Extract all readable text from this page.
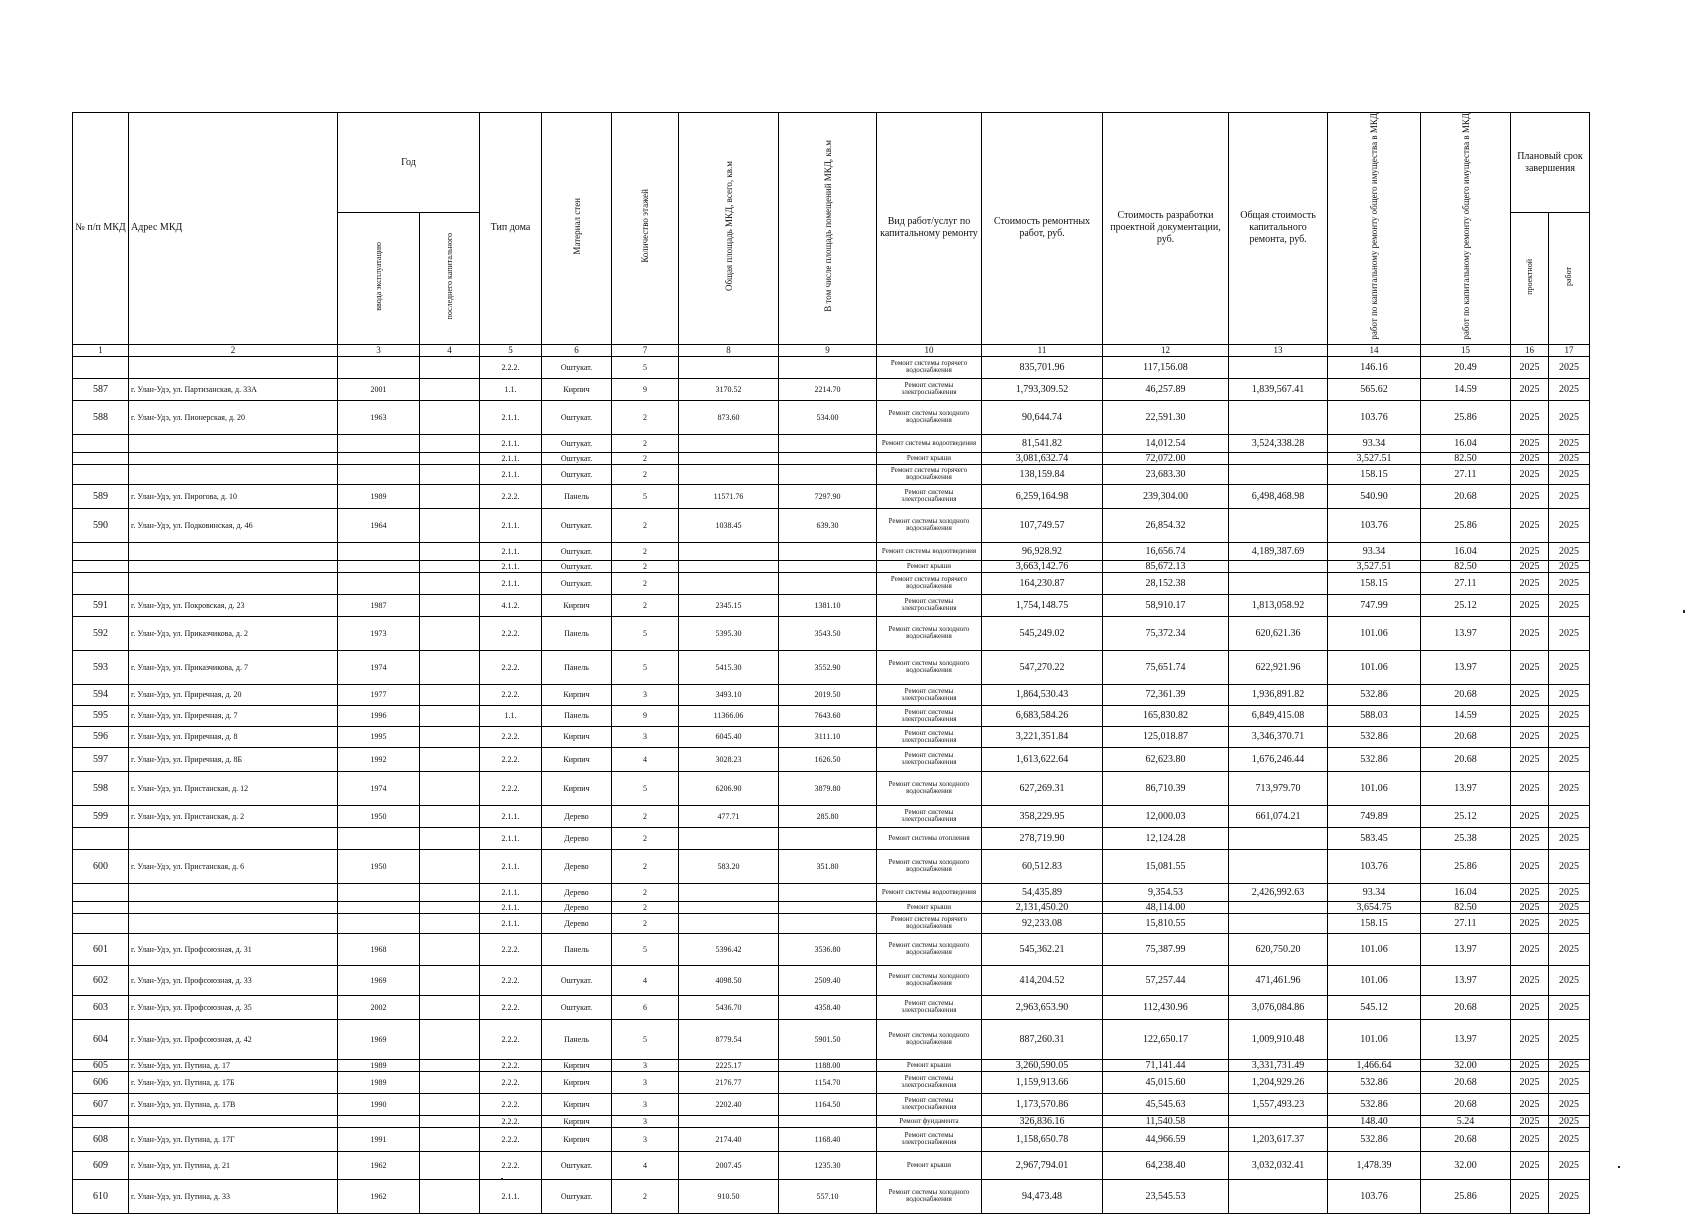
№ п/п МКД	Адрес МКД	Год		Тип дома	Материал стен	Количество этажей	Общая площадь МКД, всего, кв.м	В том числе площадь помещений МКД, кв.м	Вид работ/услуг по капитальному ремонту	Стоимость ремонтных работ, руб.	Стоимость разработки проектной документации, руб.	Общая стоимость капитального ремонта, руб.	работ по капитальному ремонту общего имущества в МКД	работ по капитальному ремонту общего имущества в МКД	Плановый срок завершения	
		ввода эксплуатацию	последнего капитального												проектной	работ
1	2	3	4	5	6	7	8	9	10	11	12	13	14	15	16	17
				2.2.2.	Оштукат.	5			Ремонт системы горячего водоснабжения	835,701.96	117,156.08		146.16	20.49	2025	2025
587	г. Улан-Удэ, ул. Партизанская, д. 33А	2001		1.1.	Кирпич	9	3170.52	2214.70	Ремонт системы электроснабжения	1,793,309.52	46,257.89	1,839,567.41	565.62	14.59	2025	2025
588	г. Улан-Удэ, ул. Пионерская, д. 20	1963		2.1.1.	Оштукат.	2	873.60	534.00	Ремонт системы холодного водоснабжения	90,644.74	22,591.30		103.76	25.86	2025	2025
				2.1.1.	Оштукат.	2			Ремонт системы водоотведения	81,541.82	14,012.54	3,524,338.28	93.34	16.04	2025	2025
				2.1.1.	Оштукат.	2			Ремонт крыши	3,081,632.74	72,072.00		3,527.51	82.50	2025	2025
				2.1.1.	Оштукат.	2			Ремонт системы горячего водоснабжения	138,159.84	23,683.30		158.15	27.11	2025	2025
589	г. Улан-Удэ, ул. Пирогова, д. 10	1989		2.2.2.	Панель	5	11571.76	7297.90	Ремонт системы электроснабжения	6,259,164.98	239,304.00	6,498,468.98	540.90	20.68	2025	2025
590	г. Улан-Удэ, ул. Подковинская, д. 46	1964		2.1.1.	Оштукат.	2	1038.45	639.30	Ремонт системы холодного водоснабжения	107,749.57	26,854.32		103.76	25.86	2025	2025
				2.1.1.	Оштукат.	2			Ремонт системы водоотведения	96,928.92	16,656.74	4,189,387.69	93.34	16.04	2025	2025
				2.1.1.	Оштукат.	2			Ремонт крыши	3,663,142.76	85,672.13		3,527.51	82.50	2025	2025
				2.1.1.	Оштукат.	2			Ремонт системы горячего водоснабжения	164,230.87	28,152.38		158.15	27.11	2025	2025
591	г. Улан-Удэ, ул. Покровская, д. 23	1987		4.1.2.	Кирпич	2	2345.15	1381.10	Ремонт системы электроснабжения	1,754,148.75	58,910.17	1,813,058.92	747.99	25.12	2025	2025
592	г. Улан-Удэ, ул. Приказчикова, д. 2	1973		2.2.2.	Панель	5	5395.30	3543.50	Ремонт системы холодного водоснабжения	545,249.02	75,372.34	620,621.36	101.06	13.97	2025	2025
593	г. Улан-Удэ, ул. Приказчикова, д. 7	1974		2.2.2.	Панель	5	5415.30	3552.90	Ремонт системы холодного водоснабжения	547,270.22	75,651.74	622,921.96	101.06	13.97	2025	2025
594	г. Улан-Удэ, ул. Приречная, д. 20	1977		2.2.2.	Кирпич	3	3493.10	2019.50	Ремонт системы электроснабжения	1,864,530.43	72,361.39	1,936,891.82	532.86	20.68	2025	2025
595	г. Улан-Удэ, ул. Приречная, д. 7	1996		1.1.	Панель	9	11366.06	7643.60	Ремонт системы электроснабжения	6,683,584.26	165,830.82	6,849,415.08	588.03	14.59	2025	2025
596	г. Улан-Удэ, ул. Приречная, д. 8	1995		2.2.2.	Кирпич	3	6045.40	3111.10	Ремонт системы электроснабжения	3,221,351.84	125,018.87	3,346,370.71	532.86	20.68	2025	2025
597	г. Улан-Удэ, ул. Приречная, д. 8Б	1992		2.2.2.	Кирпич	4	3028.23	1626.50	Ремонт системы электроснабжения	1,613,622.64	62,623.80	1,676,246.44	532.86	20.68	2025	2025
598	г. Улан-Удэ, ул. Пристанская, д. 12	1974		2.2.2.	Кирпич	5	6206.90	3879.80	Ремонт системы холодного водоснабжения	627,269.31	86,710.39	713,979.70	101.06	13.97	2025	2025
599	г. Улан-Удэ, ул. Пристанская, д. 2	1950		2.1.1.	Дерево	2	477.71	285.80	Ремонт системы электроснабжения	358,229.95	12,000.03	661,074.21	749.89	25.12	2025	2025
				2.1.1.	Дерево	2			Ремонт системы отопления	278,719.90	12,124.28		583.45	25.38	2025	2025
600	г. Улан-Удэ, ул. Пристанская, д. 6	1950		2.1.1.	Дерево	2	583.20	351.80	Ремонт системы холодного водоснабжения	60,512.83	15,081.55		103.76	25.86	2025	2025
				2.1.1.	Дерево	2			Ремонт системы водоотведения	54,435.89	9,354.53	2,426,992.63	93.34	16.04	2025	2025
				2.1.1.	Дерево	2			Ремонт крыши	2,131,450.20	48,114.00		3,654.75	82.50	2025	2025
				2.1.1.	Дерево	2			Ремонт системы горячего водоснабжения	92,233.08	15,810.55		158.15	27.11	2025	2025
601	г. Улан-Удэ, ул. Профсоюзная, д. 31	1968		2.2.2.	Панель	5	5396.42	3536.80	Ремонт системы холодного водоснабжения	545,362.21	75,387.99	620,750.20	101.06	13.97	2025	2025
602	г. Улан-Удэ, ул. Профсоюзная, д. 33	1969		2.2.2.	Оштукат.	4	4098.50	2509.40	Ремонт системы холодного водоснабжения	414,204.52	57,257.44	471,461.96	101.06	13.97	2025	2025
603	г. Улан-Удэ, ул. Профсоюзная, д. 35	2002		2.2.2.	Оштукат.	6	5436.70	4358.40	Ремонт системы электроснабжения	2,963,653.90	112,430.96	3,076,084.86	545.12	20.68	2025	2025
604	г. Улан-Удэ, ул. Профсоюзная, д. 42	1969		2.2.2.	Панель	5	8779.54	5901.50	Ремонт системы холодного водоснабжения	887,260.31	122,650.17	1,009,910.48	101.06	13.97	2025	2025
605	г. Улан-Удэ, ул. Путина, д. 17	1989		2.2.2.	Кирпич	3	2225.17	1188.00	Ремонт крыши	3,260,590.05	71,141.44	3,331,731.49	1,466.64	32.00	2025	2025
606	г. Улан-Удэ, ул. Путина, д. 17Б	1989		2.2.2.	Кирпич	3	2176.77	1154.70	Ремонт системы электроснабжения	1,159,913.66	45,015.60	1,204,929.26	532.86	20.68	2025	2025
607	г. Улан-Удэ, ул. Путина, д. 17В	1990		2.2.2.	Кирпич	3	2202.40	1164.50	Ремонт системы электроснабжения	1,173,570.86	45,545.63	1,557,493.23	532.86	20.68	2025	2025
				2.2.2.	Кирпич	3			Ремонт фундамента	326,836.16	11,540.58		148.40	5.24	2025	2025
608	г. Улан-Удэ, ул. Путина, д. 17Г	1991		2.2.2.	Кирпич	3	2174.40	1168.40	Ремонт системы электроснабжения	1,158,650.78	44,966.59	1,203,617.37	532.86	20.68	2025	2025
609	г. Улан-Удэ, ул. Путина, д. 21	1962		2.2.2.	Оштукат.	4	2007.45	1235.30	Ремонт крыши	2,967,794.01	64,238.40	3,032,032.41	1,478.39	32.00	2025	2025
610	г. Улан-Удэ, ул. Путина, д. 33	1962		2.1.1.	Оштукат.	2	910.50	557.10	Ремонт системы холодного водоснабжения	94,473.48	23,545.53		103.76	25.86	2025	2025
